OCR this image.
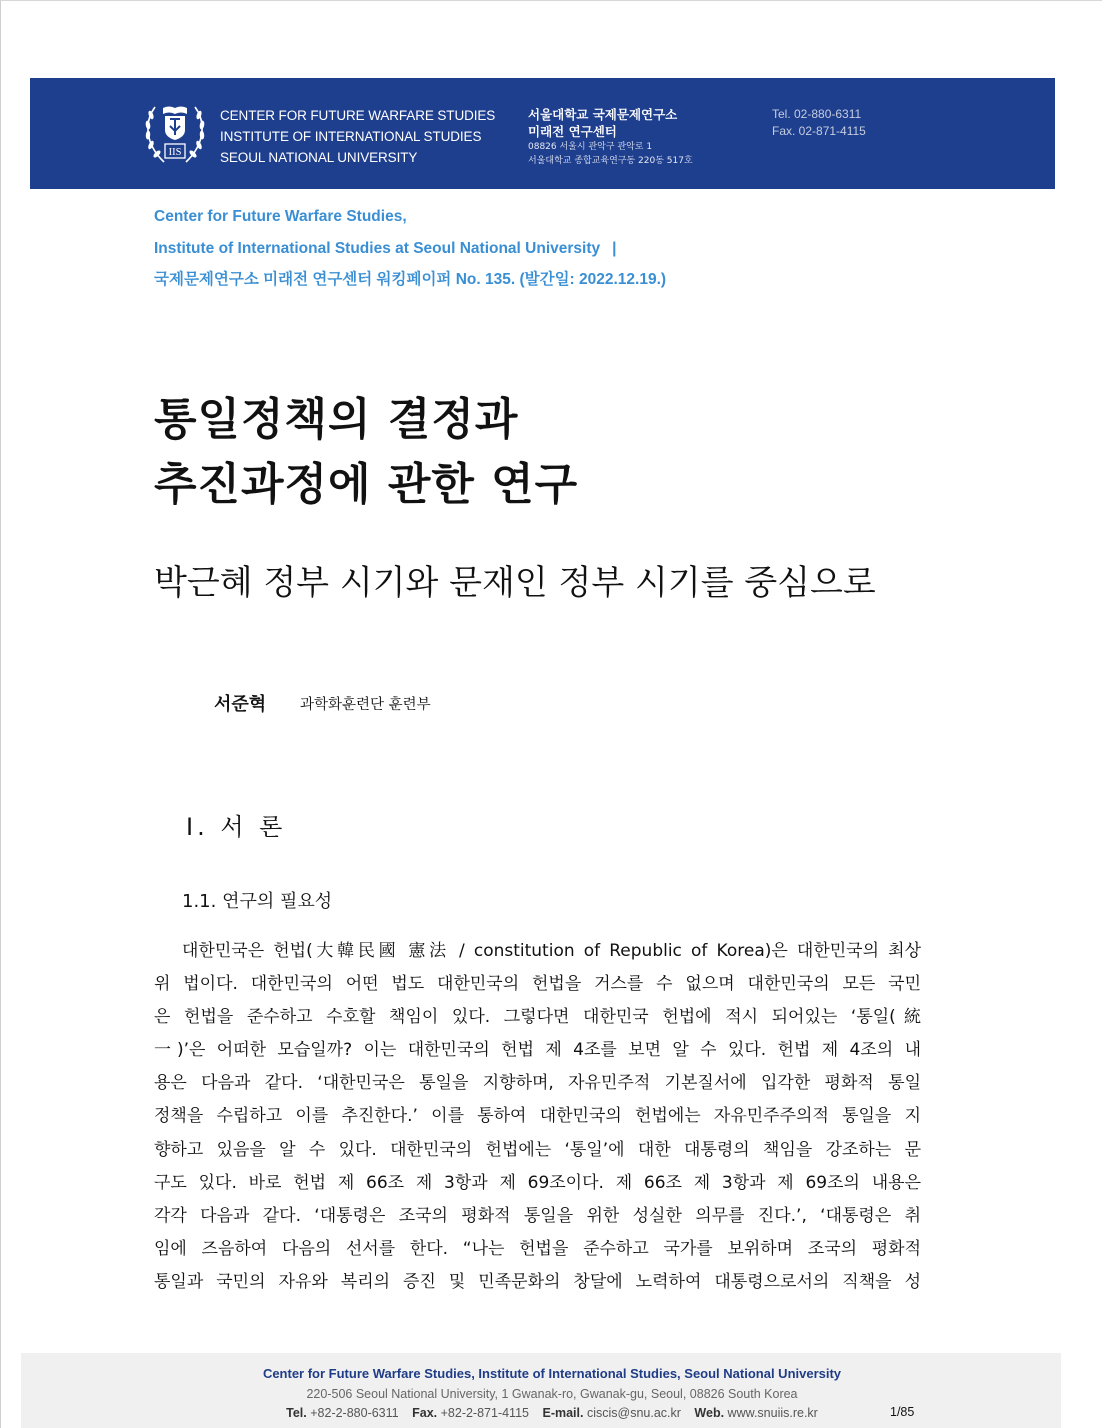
IIS
CENTER FOR FUTURE WARFARE STUDIES
INSTITUTE OF INTERNATIONAL STUDIES
SEOUL NATIONAL UNIVERSITY
서울대학교 국제문제연구소
미래전 연구센터
08826 서울시 관악구 관악로 1
서울대학교 종합교육연구동 220동 517호
Tel. 02-880-6311
Fax. 02-871-4115
Center for Future Warfare Studies,
Institute of International Studies at Seoul National University |
국제문제연구소 미래전 연구센터 워킹페이퍼 No. 135. (발간일: 2022.12.19.)
통일정책의 결정과
추진과정에 관한 연구
박근혜 정부 시기와 문재인 정부 시기를 중심으로
서준혁 과학화훈련단 훈련부
Ⅰ. 서 론
1.1. 연구의 필요성
대한민국은 헌법(大韓民國 憲法 / constitution of Republic of Korea)은 대한민국의 최상
위 법이다. 대한민국의 어떤 법도 대한민국의 헌법을 거스를 수 없으며 대한민국의 모든 국민
은 헌법을 준수하고 수호할 책임이 있다. 그렇다면 대한민국 헌법에 적시 되어있는 ‘통일(統
一)’은 어떠한 모습일까? 이는 대한민국의 헌법 제 4조를 보면 알 수 있다. 헌법 제 4조의 내
용은 다음과 같다. ‘대한민국은 통일을 지향하며, 자유민주적 기본질서에 입각한 평화적 통일
정책을 수립하고 이를 추진한다.’ 이를 통하여 대한민국의 헌법에는 자유민주주의적 통일을 지
향하고 있음을 알 수 있다. 대한민국의 헌법에는 ‘통일’에 대한 대통령의 책임을 강조하는 문
구도 있다. 바로 헌법 제 66조 제 3항과 제 69조이다. 제 66조 제 3항과 제 69조의 내용은
각각 다음과 같다. ‘대통령은 조국의 평화적 통일을 위한 성실한 의무를 진다.’, ‘대통령은 취
임에 즈음하여 다음의 선서를 한다. “나는 헌법을 준수하고 국가를 보위하며 조국의 평화적
통일과 국민의 자유와 복리의 증진 및 민족문화의 창달에 노력하여 대통령으로서의 직책을 성
Center for Future Warfare Studies, Institute of International Studies, Seoul National University
220-506 Seoul National University, 1 Gwanak-ro, Gwanak-gu, Seoul, 08826 South Korea
Tel. +82-2-880-6311 Fax. +82-2-871-4115 E-mail. ciscis@snu.ac.kr Web. www.snuiis.re.kr	1/85
